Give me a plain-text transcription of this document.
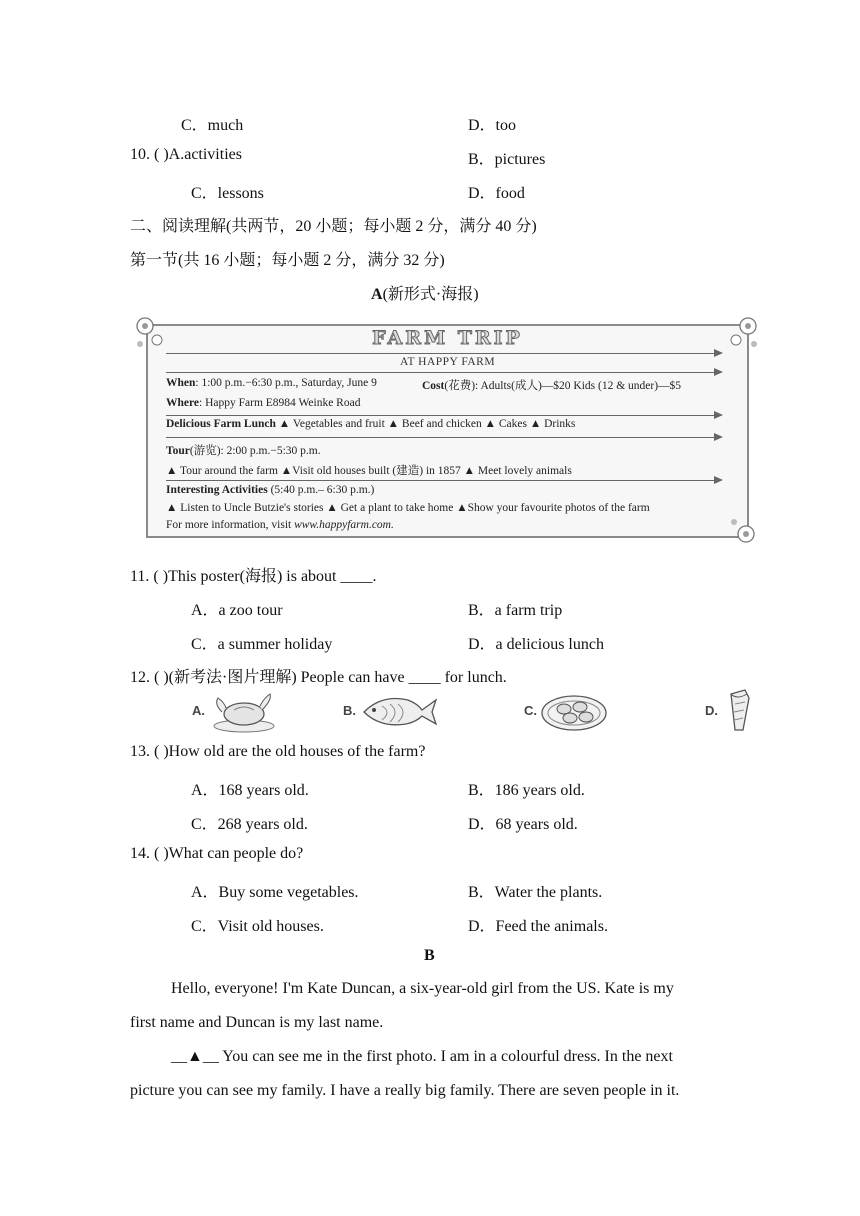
C．much	D．too
10. ( )A.activities	B．pictures
C．lessons	D．food
二、阅读理解(共两节，20 小题；每小题 2 分，满分 40 分)
第一节(共 16 小题；每小题 2 分，满分 32 分)
A(新形式·海报)
FARM TRIP
AT HAPPY FARM
When: 1:00 p.m.−6:30 p.m., Saturday, June 9	Cost(花费): Adults(成人)—$20 Kids (12 & under)—$5
Where: Happy Farm E8984 Weinke Road
Delicious Farm Lunch ▲ Vegetables and fruit ▲ Beef and chicken ▲ Cakes ▲ Drinks
Tour(游览): 2:00 p.m.−5:30 p.m.
▲ Tour around the farm ▲Visit old houses built (建造) in 1857 ▲ Meet lovely animals
Interesting Activities (5:40 p.m.– 6:30 p.m.)
▲ Listen to Uncle Butzie's stories ▲ Get a plant to take home ▲Show your favourite photos of the farm
For more information, visit www.happyfarm.com.
11. ( )This poster(海报) is about ____.
A．a zoo tour	B．a farm trip
C．a summer holiday	D．a delicious lunch
12. ( )(新考法·图片理解) People can have ____ for lunch.
A.	B.	C.	D.
13. ( )How old are the old houses of the farm?
A．168 years old.	B．186 years old.
C．268 years old.	D．68 years old.
14. ( )What can people do?
A．Buy some vegetables.	B．Water the plants.
C．Visit old houses.	D．Feed the animals.
B
Hello, everyone! I'm Kate Duncan, a six-year-old girl from the US. Kate is my
first name and Duncan is my last name.
__▲__ You can see me in the first photo. I am in a colourful dress. In the next
picture you can see my family. I have a really big family. There are seven people in it.
